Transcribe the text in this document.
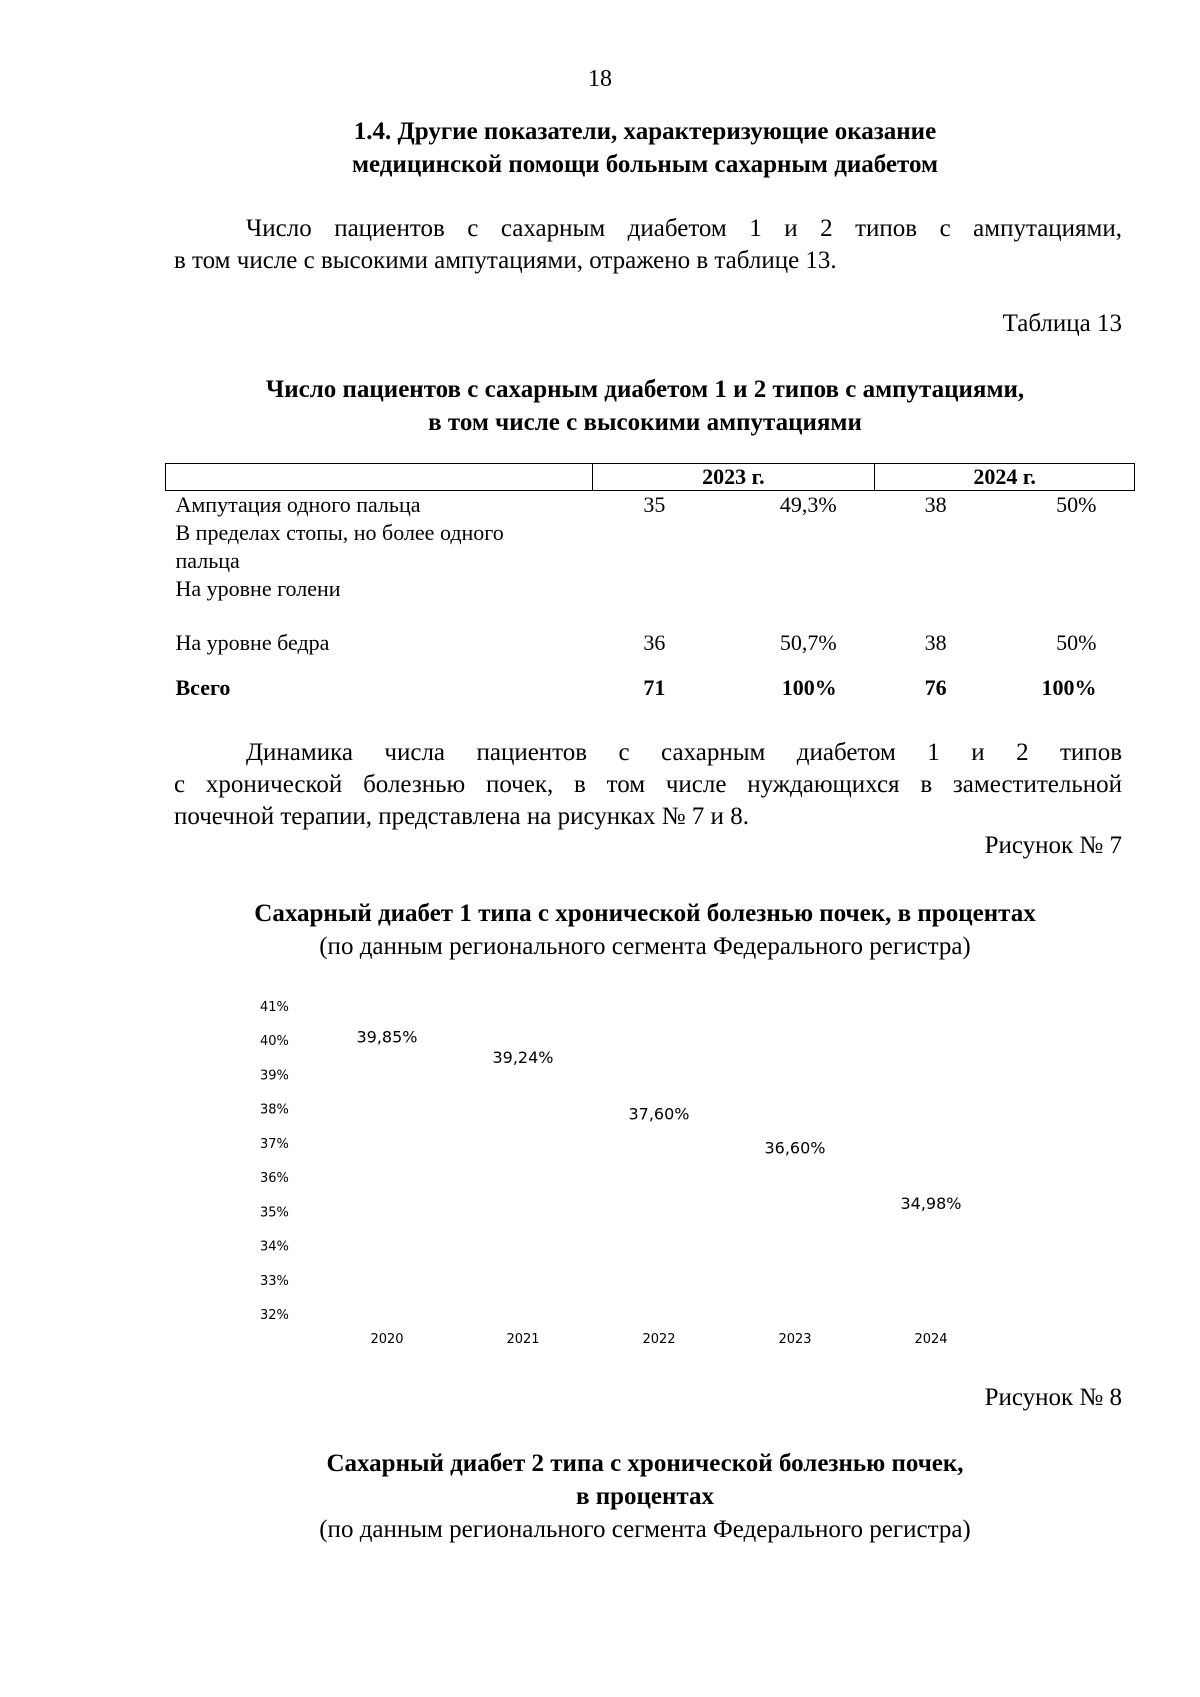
18
1.4. Другие показатели, характеризующие оказание
медицинской помощи больным сахарным диабетом
Число пациентов с сахарным диабетом 1 и 2 типов с ампутациями,
в том числе с высокими ампутациями, отражено в таблице 13.
Таблица 13
Число пациентов с сахарным диабетом 1 и 2 типов с ампутациями,
в том числе с высокими ампутациями
	2023 г.		2024 г.	
Ампутация одного пальца	35	49,3%	38	50%
В пределах стопы, но более одного				
пальца				
На уровне голени				
На уровне бедра	36	50,7%	38	50%
Всего	71	100%	76	100%
Динамика числа пациентов с сахарным диабетом 1 и 2 типов
с хронической болезнью почек, в том числе нуждающихся в заместительной
почечной терапии, представлена на рисунках № 7 и 8.
Рисунок № 7
Сахарный диабет 1 типа с хронической болезнью почек, в процентах
(по данным регионального сегмента Федерального регистра)
32%
33%
34%
35%
36%
37%
38%
39%
40%
41%
2020	2021	2022	2023	2024
39,85%
39,24%
37,60%
36,60%
34,98%
Рисунок № 8
Сахарный диабет 2 типа с хронической болезнью почек,
в процентах
(по данным регионального сегмента Федерального регистра)
